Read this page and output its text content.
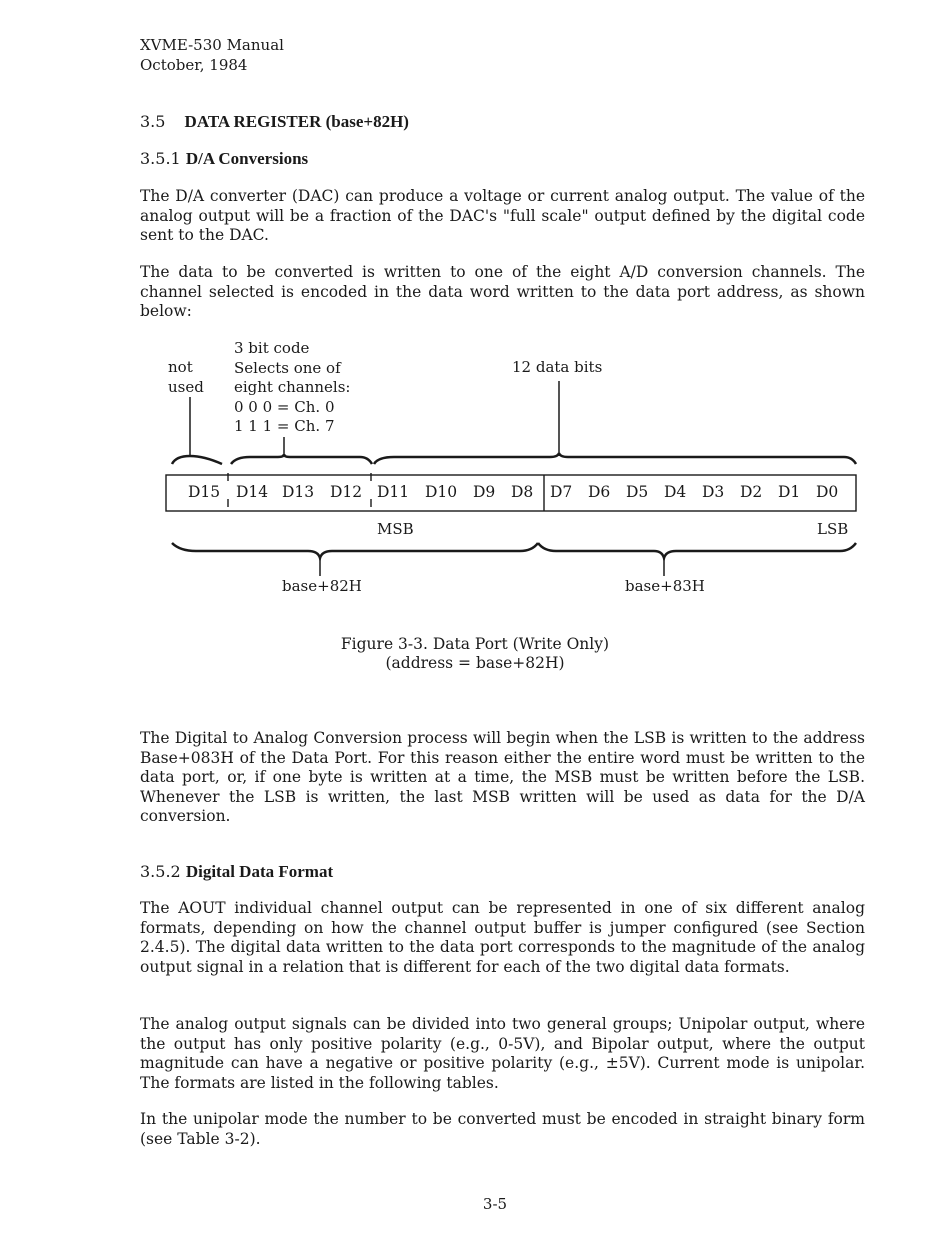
XVME-530 Manual
October, 1984
3.5 DATA REGISTER (base+82H)
3.5.1 D/A Conversions
The D/A converter (DAC) can produce a voltage or current analog output. The value of the analog output will be a fraction of the DAC's "full scale" output defined by the digital code sent to the DAC.
The data to be converted is written to one of the eight A/D conversion channels. The channel selected is encoded in the data word written to the data port address, as shown below:
not
used
3 bit code
Selects one of
eight channels:
0 0 0 = Ch. 0
1 1 1 = Ch. 7
12 data bits
D15 D14 D13 D12 D11 D10 D9 D8 D7 D6 D5 D4 D3 D2 D1 D0
MSB	LSB
base+82H	base+83H
Figure 3-3. Data Port (Write Only)
(address = base+82H)
The Digital to Analog Conversion process will begin when the LSB is written to the address Base+083H of the Data Port. For this reason either the entire word must be written to the data port, or, if one byte is written at a time, the MSB must be written before the LSB. Whenever the LSB is written, the last MSB written will be used as data for the D/A conversion.
3.5.2 Digital Data Format
The AOUT individual channel output can be represented in one of six different analog formats, depending on how the channel output buffer is jumper configured (see Section 2.4.5). The digital data written to the data port corresponds to the magnitude of the analog output signal in a relation that is different for each of the two digital data formats.
The analog output signals can be divided into two general groups; Unipolar output, where the output has only positive polarity (e.g., 0-5V), and Bipolar output, where the output magnitude can have a negative or positive polarity (e.g., ±5V). Current mode is unipolar. The formats are listed in the following tables.
In the unipolar mode the number to be converted must be encoded in straight binary form (see Table 3-2).
3-5
